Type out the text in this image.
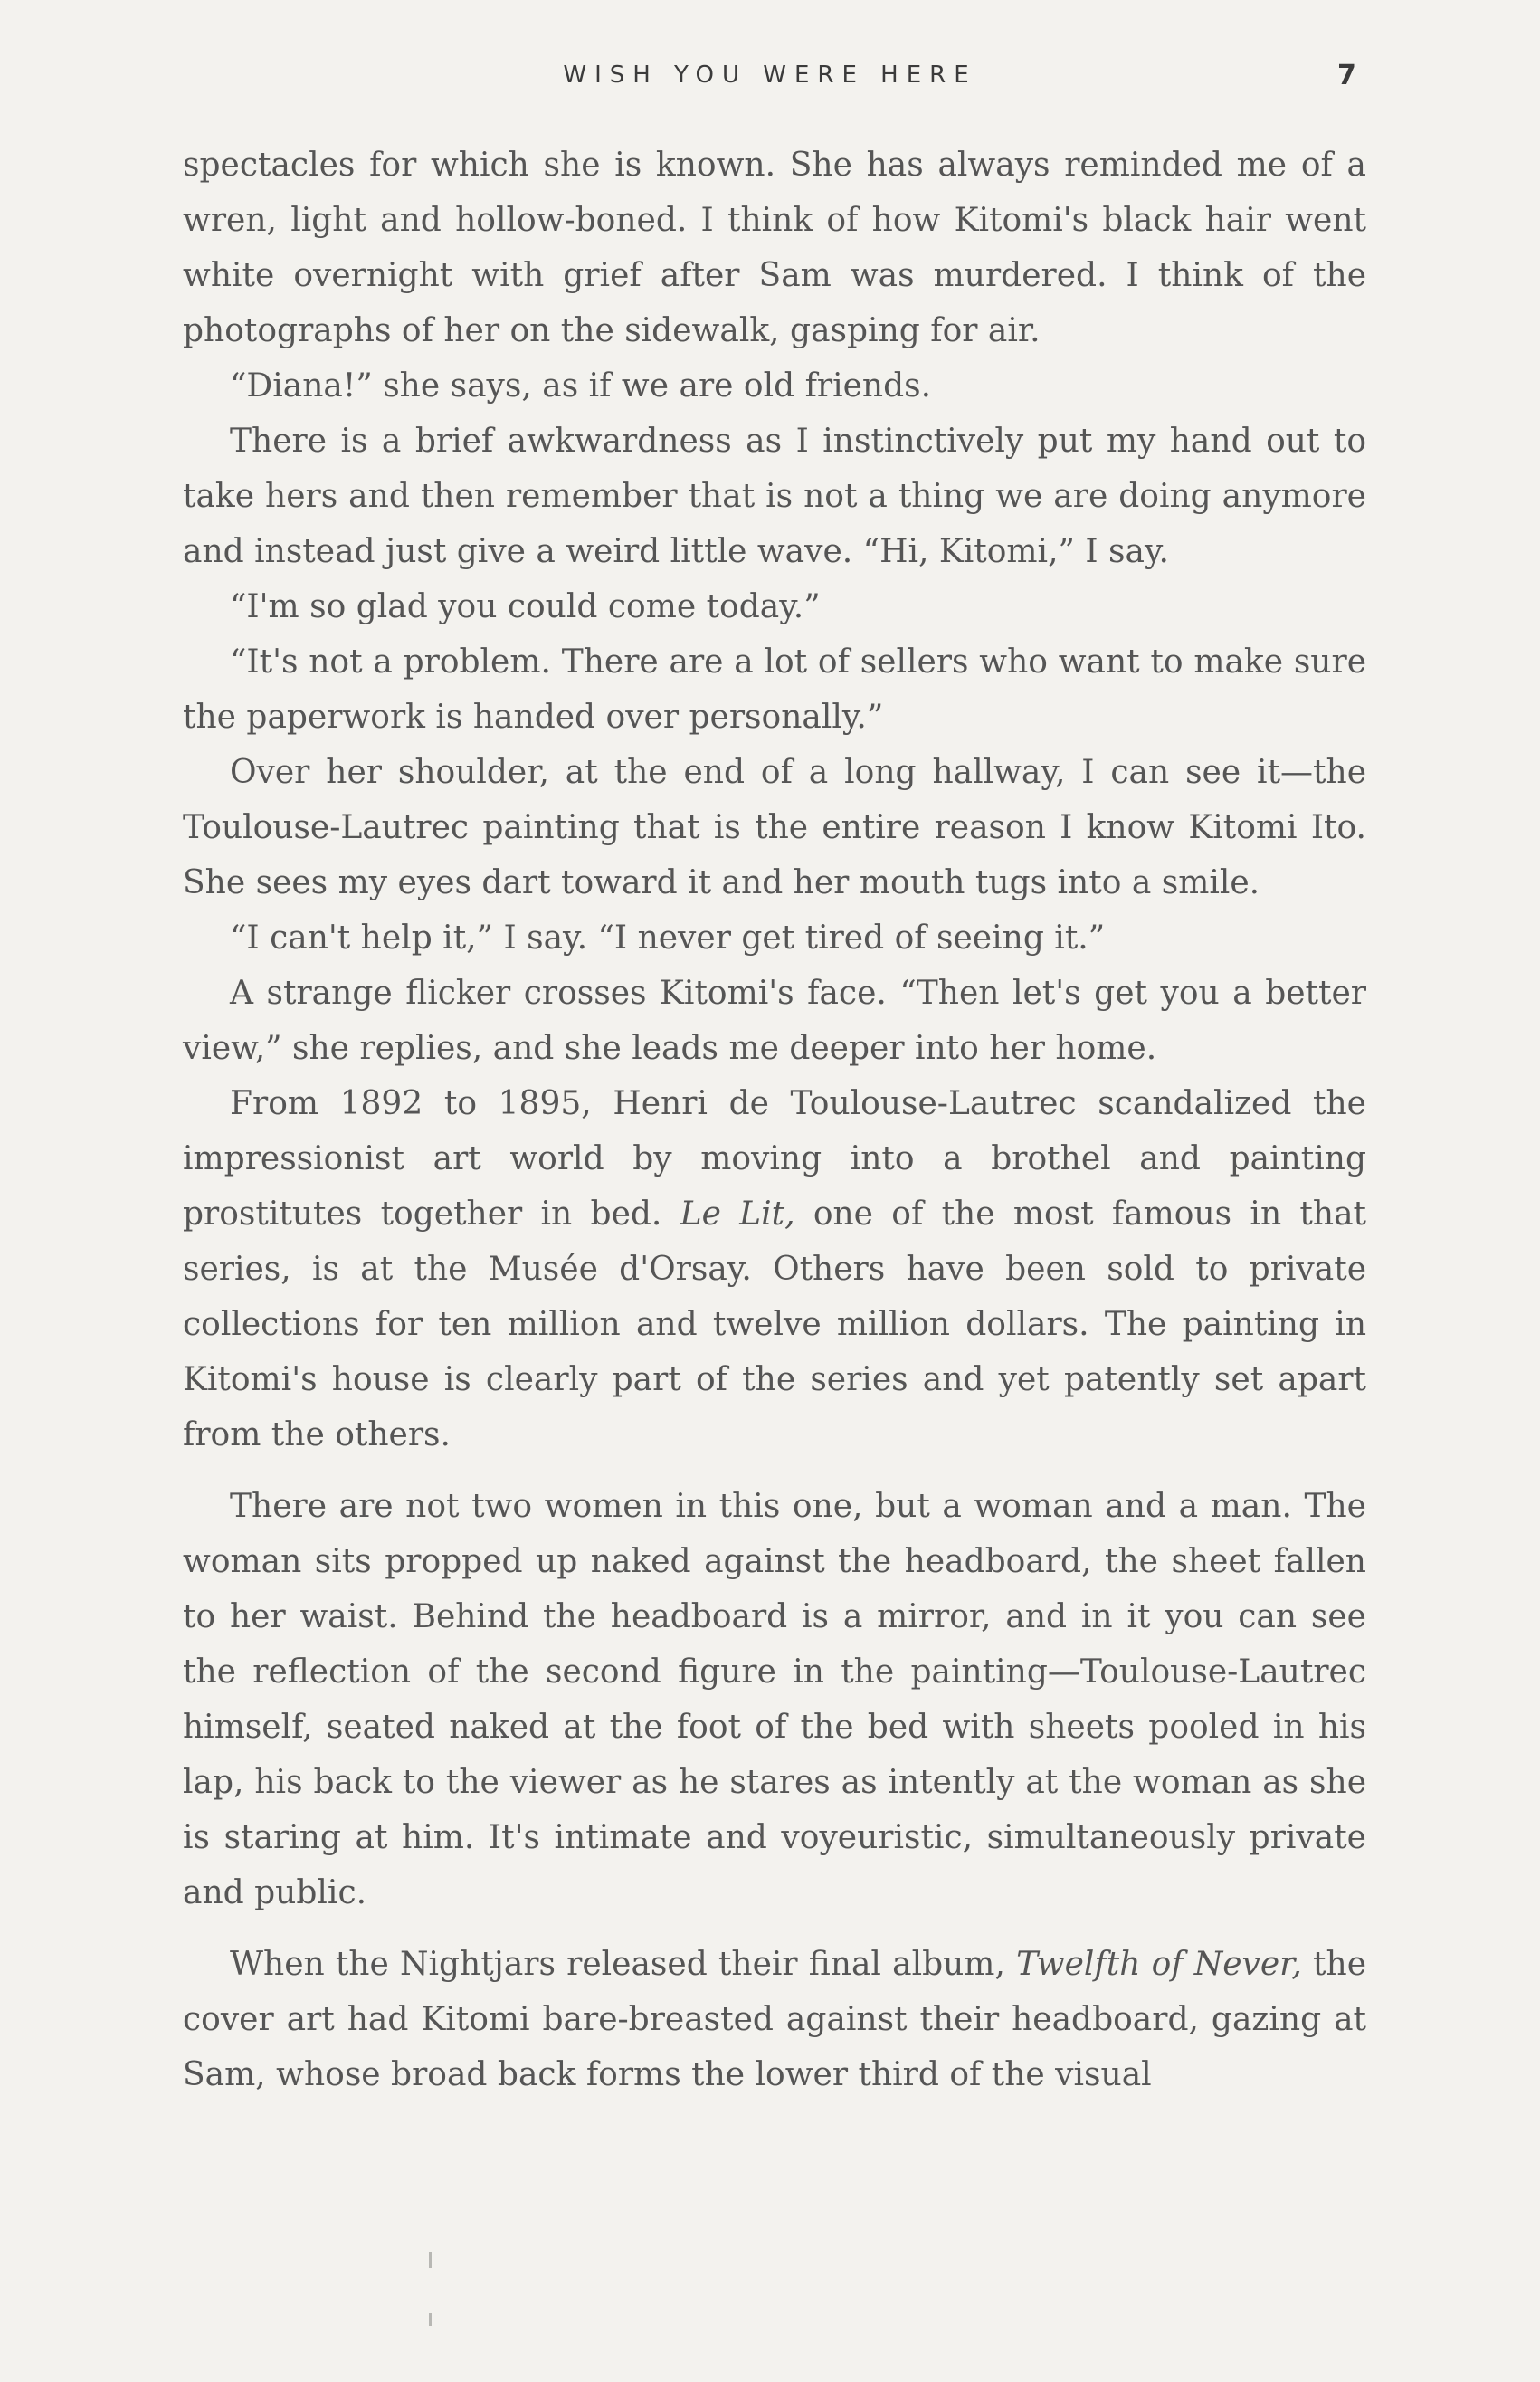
WISH YOU WERE HERE	7

spectacles for which she is known. She has always reminded me of a wren, light and hollow-boned. I think of how Kitomi's black hair went white overnight with grief after Sam was murdered. I think of the photographs of her on the sidewalk, gasping for air.

“Diana!” she says, as if we are old friends.

There is a brief awkwardness as I instinctively put my hand out to take hers and then remember that is not a thing we are doing anymore and instead just give a weird little wave. “Hi, Kitomi,” I say.

“I'm so glad you could come today.”

“It's not a problem. There are a lot of sellers who want to make sure the paperwork is handed over personally.”

Over her shoulder, at the end of a long hallway, I can see it—the Toulouse-Lautrec painting that is the entire reason I know Kitomi Ito. She sees my eyes dart toward it and her mouth tugs into a smile.

“I can't help it,” I say. “I never get tired of seeing it.”

A strange flicker crosses Kitomi's face. “Then let's get you a better view,” she replies, and she leads me deeper into her home.

From 1892 to 1895, Henri de Toulouse-Lautrec scandalized the impressionist art world by moving into a brothel and painting prostitutes together in bed. Le Lit, one of the most famous in that series, is at the Musée d'Orsay. Others have been sold to private collections for ten million and twelve million dollars. The painting in Kitomi's house is clearly part of the series and yet patently set apart from the others.

There are not two women in this one, but a woman and a man. The woman sits propped up naked against the headboard, the sheet fallen to her waist. Behind the headboard is a mirror, and in it you can see the reflection of the second figure in the painting—Toulouse-Lautrec himself, seated naked at the foot of the bed with sheets pooled in his lap, his back to the viewer as he stares as intently at the woman as she is staring at him. It's intimate and voyeuristic, simultaneously private and public.

When the Nightjars released their final album, Twelfth of Never, the cover art had Kitomi bare-breasted against their headboard, gazing at Sam, whose broad back forms the lower third of the visual
